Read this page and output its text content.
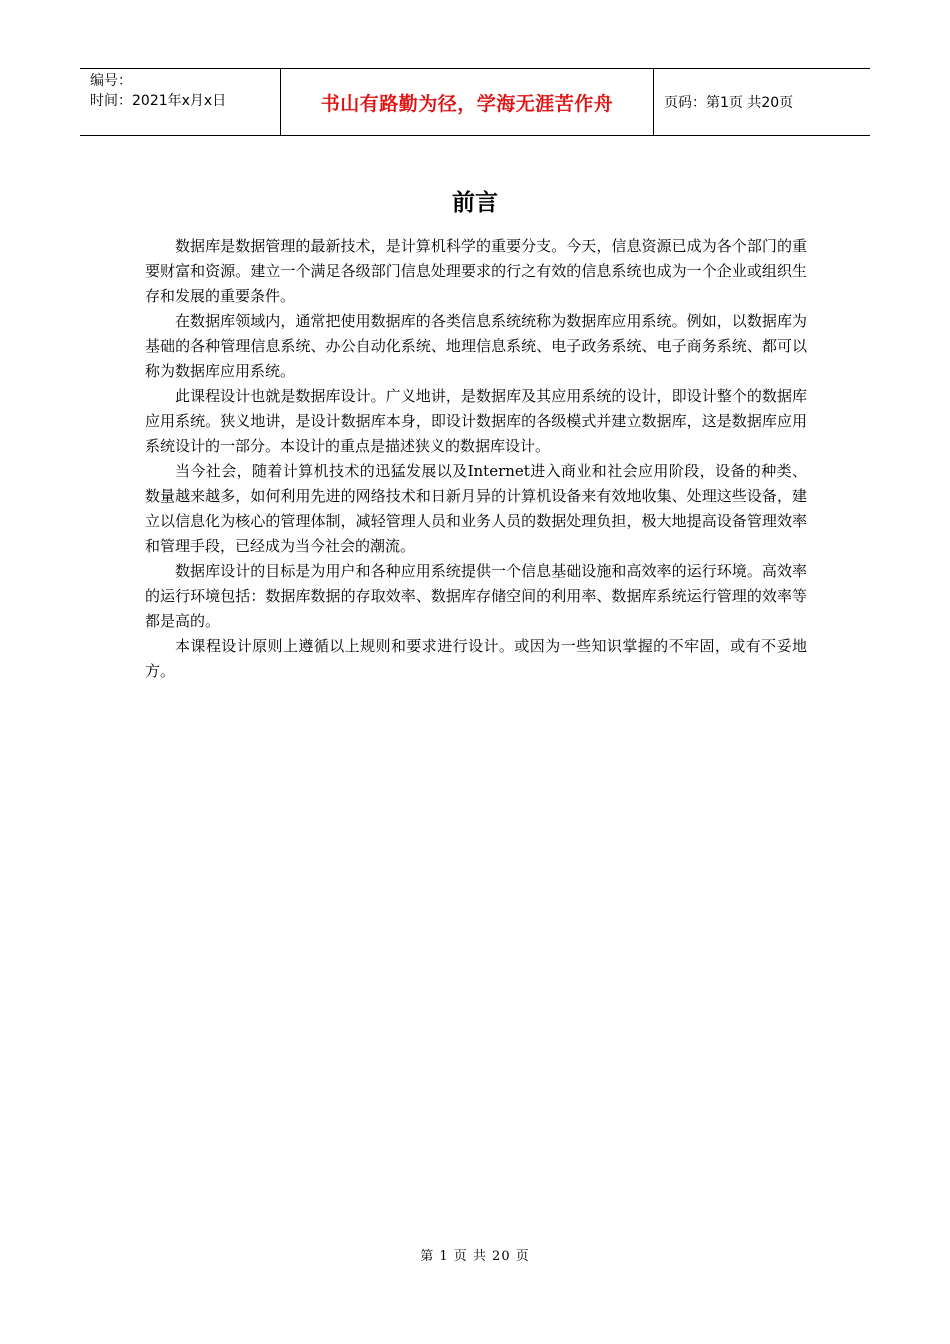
编号：
时间：2021年x月x日	书山有路勤为径，学海无涯苦作舟	页码：第1页 共20页
前言

数据库是数据管理的最新技术，是计算机科学的重要分支。今天，信息资源已成为各个部门的重要财富和资源。建立一个满足各级部门信息处理要求的行之有效的信息系统也成为一个企业或组织生存和发展的重要条件。

在数据库领域内，通常把使用数据库的各类信息系统统称为数据库应用系统。例如，以数据库为基础的各种管理信息系统、办公自动化系统、地理信息系统、电子政务系统、电子商务系统、都可以称为数据库应用系统。

此课程设计也就是数据库设计。广义地讲，是数据库及其应用系统的设计，即设计整个的数据库应用系统。狭义地讲，是设计数据库本身，即设计数据库的各级模式并建立数据库，这是数据库应用系统设计的一部分。本设计的重点是描述狭义的数据库设计。

当今社会，随着计算机技术的迅猛发展以及Internet进入商业和社会应用阶段，设备的种类、数量越来越多，如何利用先进的网络技术和日新月异的计算机设备来有效地收集、处理这些设备，建立以信息化为核心的管理体制，减轻管理人员和业务人员的数据处理负担，极大地提高设备管理效率和管理手段，已经成为当今社会的潮流。

数据库设计的目标是为用户和各种应用系统提供一个信息基础设施和高效率的运行环境。高效率的运行环境包括：数据库数据的存取效率、数据库存储空间的利用率、数据库系统运行管理的效率等都是高的。

本课程设计原则上遵循以上规则和要求进行设计。或因为一些知识掌握的不牢固，或有不妥地方。

第 1 页 共 20 页
